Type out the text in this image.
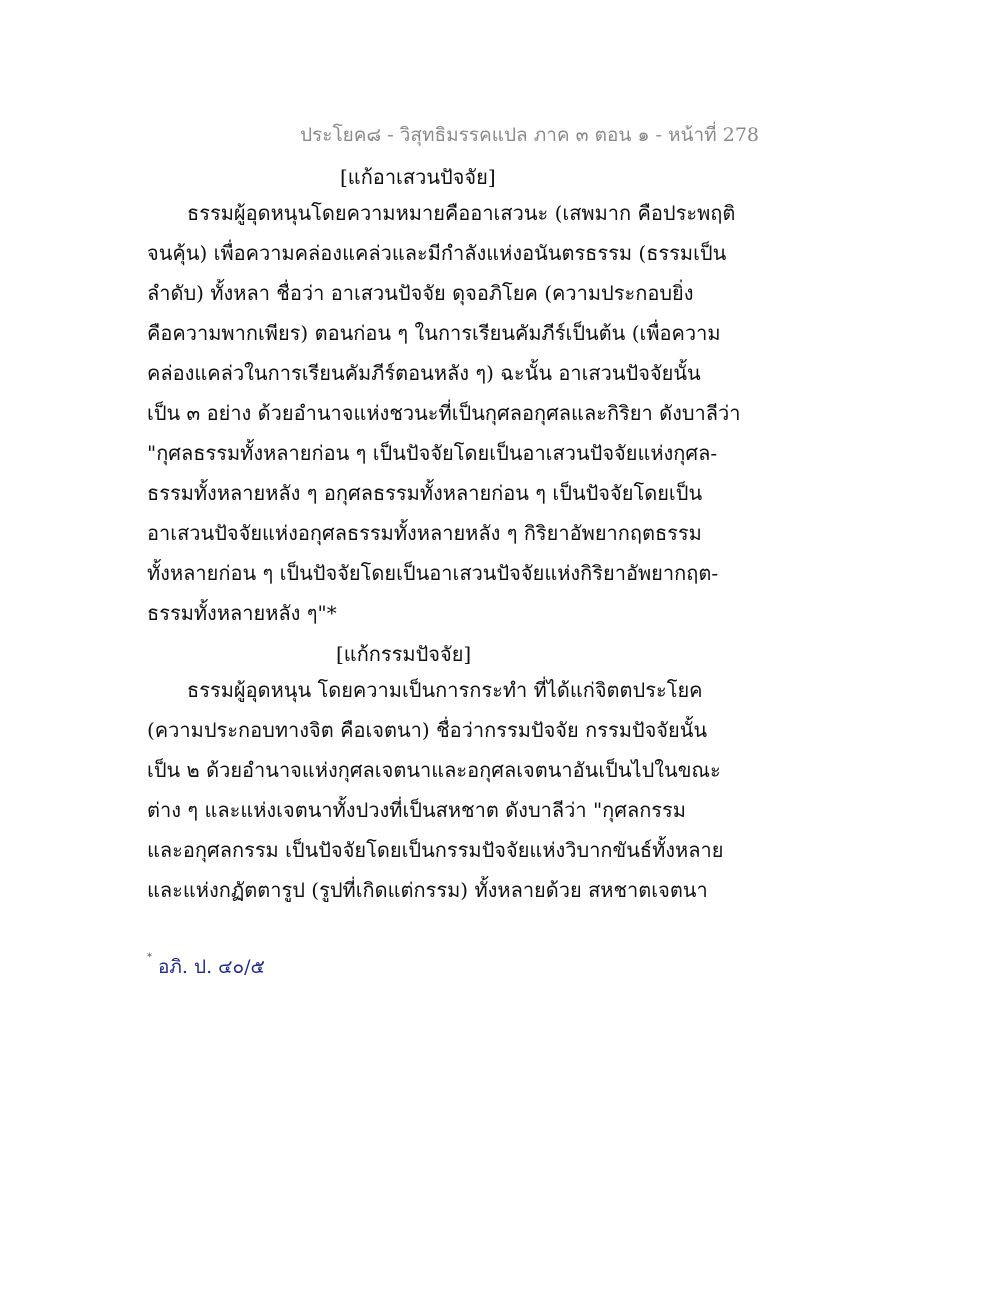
ประโยค๘ - วิสุทธิมรรคแปล ภาค ๓ ตอน ๑ - หน้าที่ 278
[แก้อาเสวนปัจจัย]
ธรรมผู้อุดหนุนโดยความหมายคืออาเสวนะ (เสพมาก คือประพฤติ
จนคุ้น) เพื่อความคล่องแคล่วและมีกำลังแห่งอนันตรธรรม (ธรรมเป็น
ลำดับ) ทั้งหลา ชื่อว่า อาเสวนปัจจัย ดุจอภิโยค (ความประกอบยิ่ง
คือความพากเพียร) ตอนก่อน ๆ ในการเรียนคัมภีร์เป็นต้น (เพื่อความ
คล่องแคล่วในการเรียนคัมภีร์ตอนหลัง ๆ) ฉะนั้น อาเสวนปัจจัยนั้น
เป็น ๓ อย่าง ด้วยอำนาจแห่งชวนะที่เป็นกุศลอกุศลและกิริยา ดังบาลีว่า
"กุศลธรรมทั้งหลายก่อน ๆ เป็นปัจจัยโดยเป็นอาเสวนปัจจัยแห่งกุศล-
ธรรมทั้งหลายหลัง ๆ อกุศลธรรมทั้งหลายก่อน ๆ เป็นปัจจัยโดยเป็น
อาเสวนปัจจัยแห่งอกุศลธรรมทั้งหลายหลัง ๆ กิริยาอัพยากฤตธรรม
ทั้งหลายก่อน ๆ เป็นปัจจัยโดยเป็นอาเสวนปัจจัยแห่งกิริยาอัพยากฤต-
ธรรมทั้งหลายหลัง ๆ"*
[แก้กรรมปัจจัย]
ธรรมผู้อุดหนุน โดยความเป็นการกระทำ ที่ได้แก่จิตตประโยค
(ความประกอบทางจิต คือเจตนา) ชื่อว่ากรรมปัจจัย กรรมปัจจัยนั้น
เป็น ๒ ด้วยอำนาจแห่งกุศลเจตนาและอกุศลเจตนาอันเป็นไปในขณะ
ต่าง ๆ และแห่งเจตนาทั้งปวงที่เป็นสหชาต ดังบาลีว่า "กุศลกรรม
และอกุศลกรรม เป็นปัจจัยโดยเป็นกรรมปัจจัยแห่งวิบากขันธ์ทั้งหลาย
และแห่งกฏัตตารูป (รูปที่เกิดแต่กรรม) ทั้งหลายด้วย สหชาตเจตนา
* อภิ. ป. ๔๐/๕
